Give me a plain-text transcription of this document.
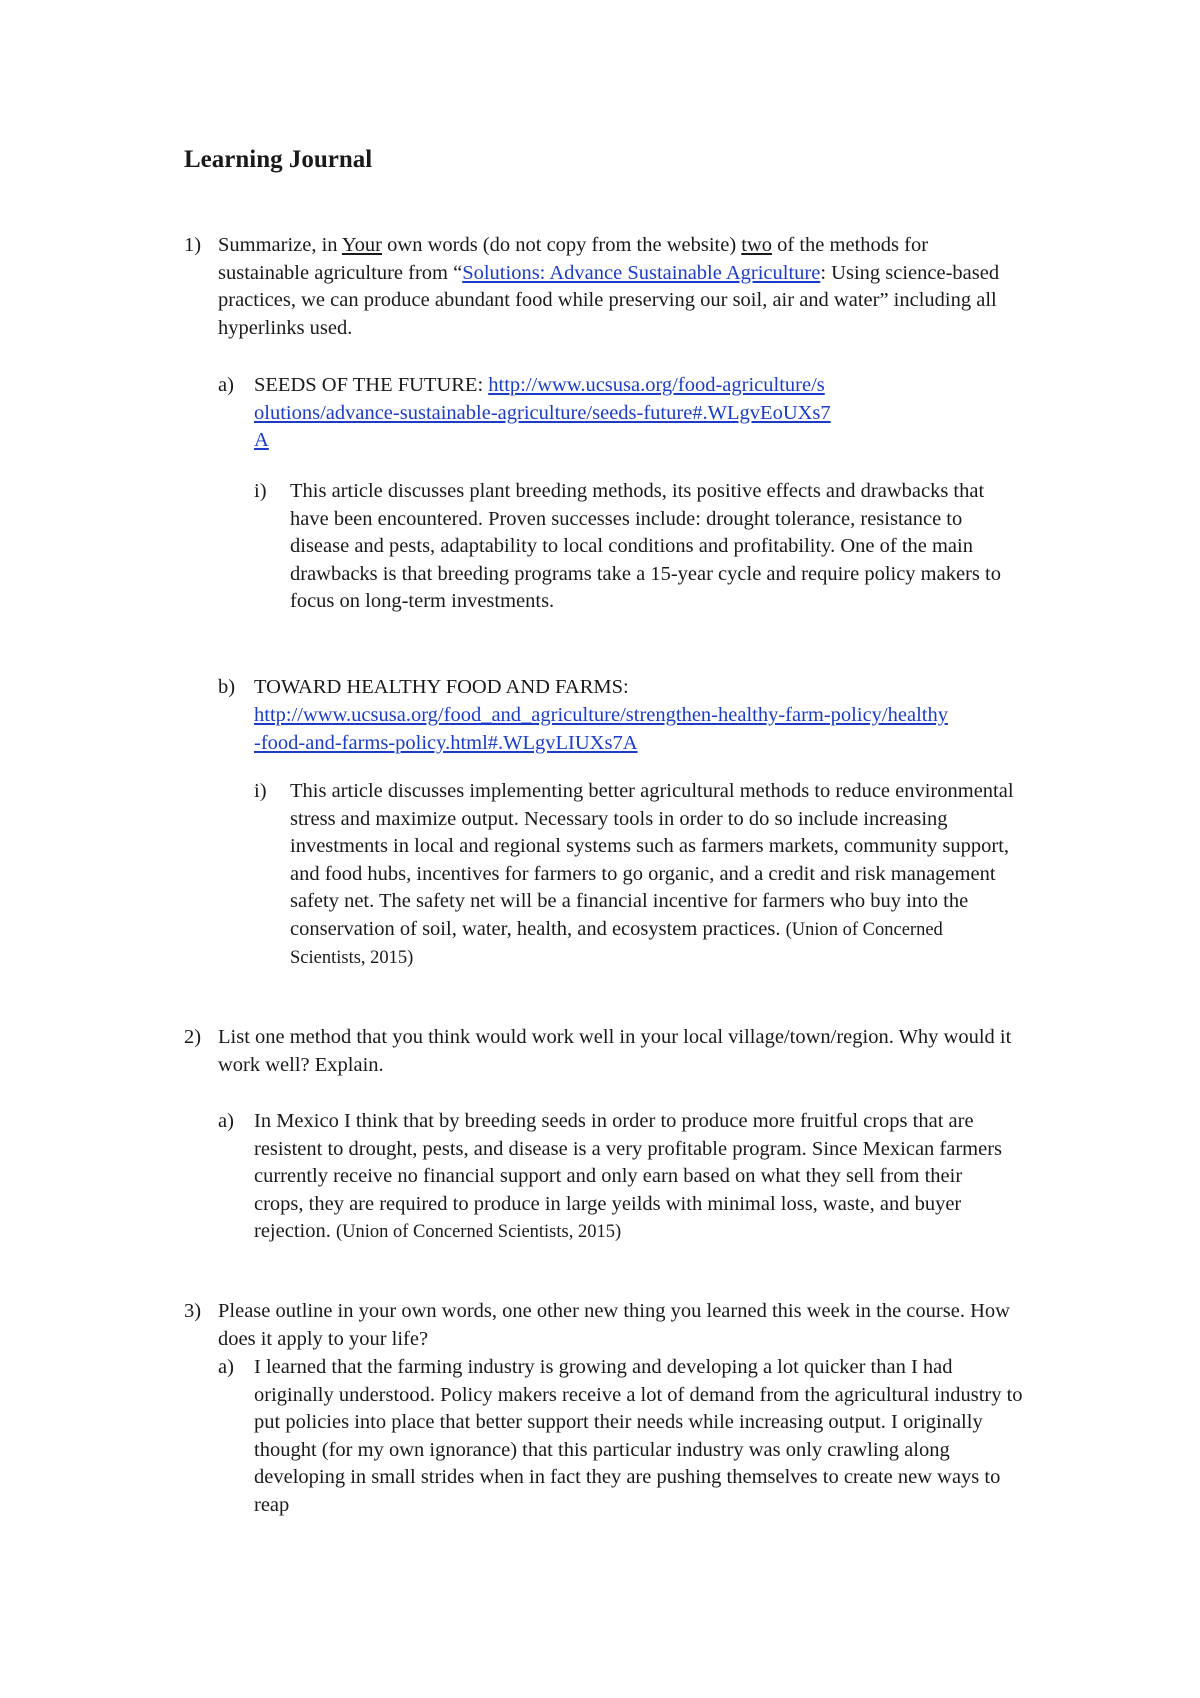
Learning Journal
1) Summarize, in Your own words (do not copy from the website) two of the methods for sustainable agriculture from “Solutions: Advance Sustainable Agriculture: Using science-based practices, we can produce abundant food while preserving our soil, air and water” including all hyperlinks used.

a) SEEDS OF THE FUTURE: http://www.ucsusa.org/food-agriculture/solutions/advance-sustainable-agriculture/seeds-future#.WLgvEoUXs7A

i) This article discusses plant breeding methods, its positive effects and drawbacks that have been encountered. Proven successes include: drought tolerance, resistance to disease and pests, adaptability to local conditions and profitability. One of the main drawbacks is that breeding programs take a 15-year cycle and require policy makers to focus on long-term investments.

b) TOWARD HEALTHY FOOD AND FARMS:

http://www.ucsusa.org/food_and_agriculture/strengthen-healthy-farm-policy/healthy-food-and-farms-policy.html#.WLgvLIUXs7A

i) This article discusses implementing better agricultural methods to reduce environmental stress and maximize output. Necessary tools in order to do so include increasing investments in local and regional systems such as farmers markets, community support, and food hubs, incentives for farmers to go organic, and a credit and risk management safety net. The safety net will be a financial incentive for farmers who buy into the conservation of soil, water, health, and ecosystem practices. (Union of Concerned Scientists, 2015)

2) List one method that you think would work well in your local village/town/region. Why would it work well? Explain.

a) In Mexico I think that by breeding seeds in order to produce more fruitful crops that are resistent to drought, pests, and disease is a very profitable program. Since Mexican farmers currently receive no financial support and only earn based on what they sell from their crops, they are required to produce in large yeilds with minimal loss, waste, and buyer rejection. (Union of Concerned Scientists, 2015)

3) Please outline in your own words, one other new thing you learned this week in the course. How does it apply to your life?

a) I learned that the farming industry is growing and developing a lot quicker than I had originally understood. Policy makers receive a lot of demand from the agricultural industry to put policies into place that better support their needs while increasing output. I originally thought (for my own ignorance) that this particular industry was only crawling along developing in small strides when in fact they are pushing themselves to create new ways to reap
